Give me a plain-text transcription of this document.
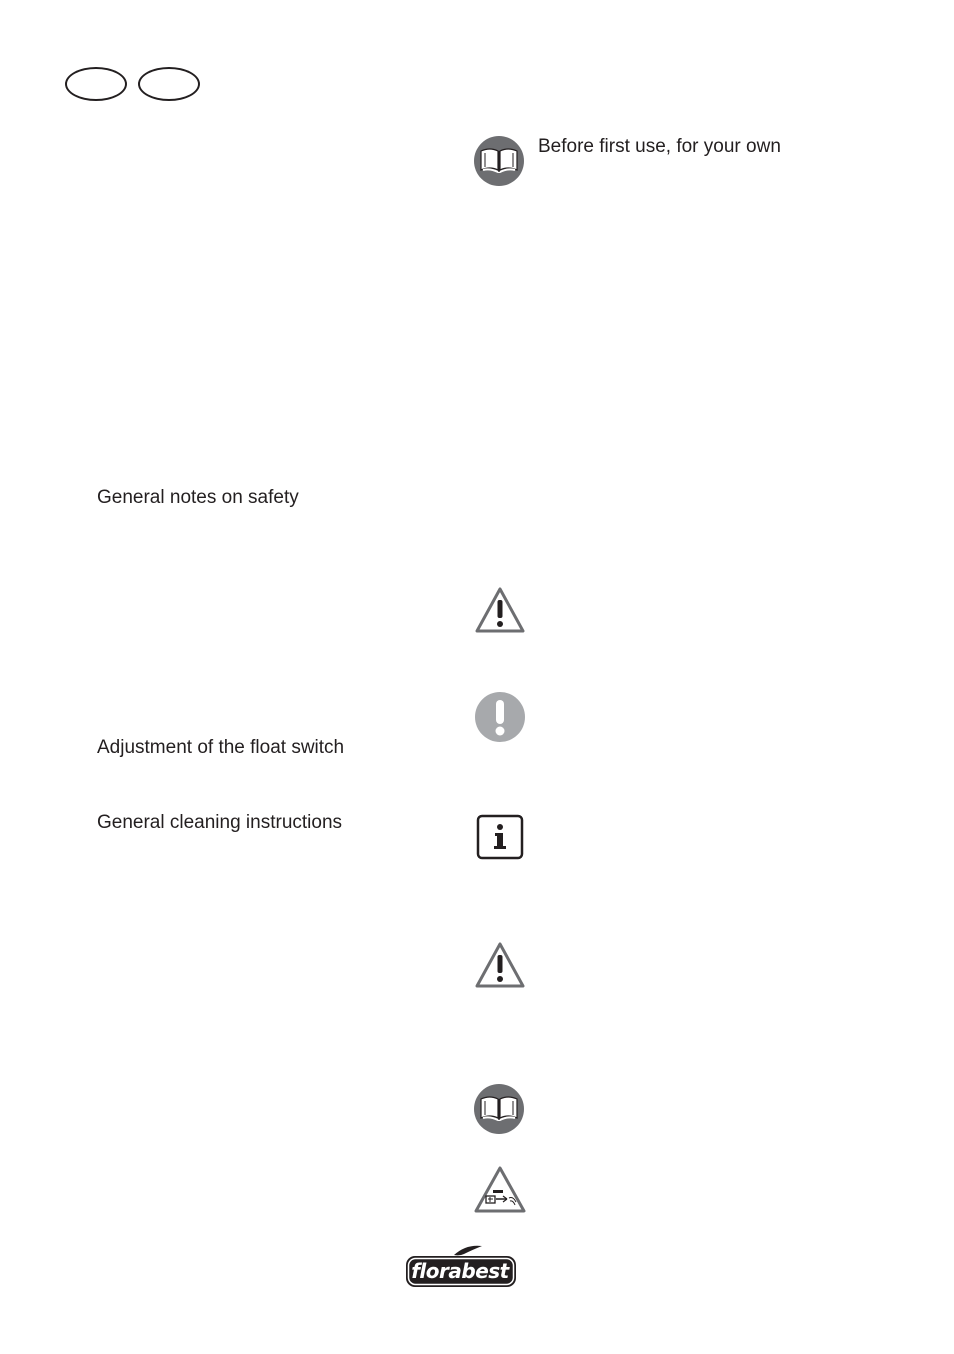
General notes on safety
Adjustment of the float switch
General cleaning instructions
Before first use, for your own
florabest
